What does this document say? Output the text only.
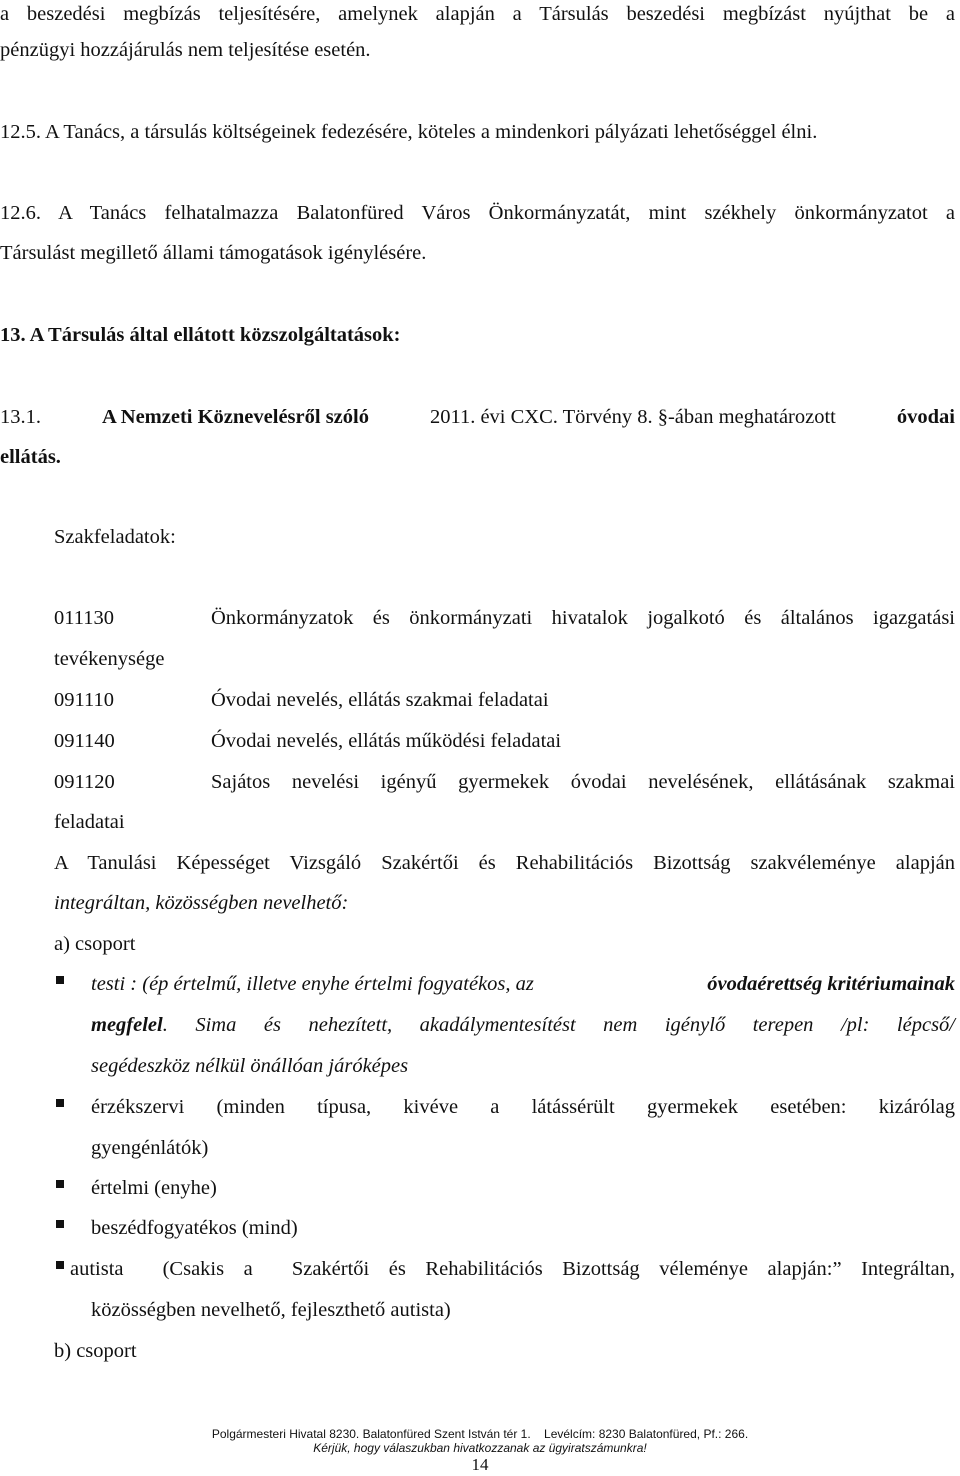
a beszedési megbízás teljesítésére, amelynek alapján a Társulás beszedési megbízást nyújthat be a
pénzügyi hozzájárulás nem teljesítése esetén.
12.5. A Tanács, a társulás költségeinek fedezésére, köteles a mindenkori pályázati lehetőséggel élni.
12.6. A Tanács felhatalmazza Balatonfüred Város Önkormányzatát, mint székhely önkormányzatot a
Társulást megillető állami támogatások igénylésére.
13. A Társulás által ellátott közszolgáltatások:
13.1.	A Nemzeti Köznevelésről szóló	2011. évi CXC. Törvény 8. §-ában meghatározott	óvodai
ellátás.
Szakfeladatok:
011130	Önkormányzatok és önkormányzati hivatalok jogalkotó és általános igazgatási
tevékenysége
091110	Óvodai nevelés, ellátás szakmai feladatai
091140	Óvodai nevelés, ellátás működési feladatai
091120	Sajátos nevelési igényű gyermekek óvodai nevelésének, ellátásának szakmai
feladatai
A Tanulási Képességet Vizsgáló Szakértői és Rehabilitációs Bizottság szakvéleménye alapján
integráltan, közösségben nevelhető:
a) csoport
testi : (ép értelmű, illetve enyhe értelmi fogyatékos, az	óvodaérettség kritériumainak
megfelel . Sima és nehezített, akadálymentesítést nem igénylő terepen /pl: lépcső/
segédeszköz nélkül önállóan járóképes
érzékszervi (minden típusa, kivéve a látássérült gyermekek esetében: kizárólag
gyengénlátók)
értelmi (enyhe)
beszédfogyatékos (mind)
autista  (Csakis a  Szakértői és Rehabilitációs Bizottság véleménye alapján:” Integráltan,
közösségben nevelhető, fejleszthető autista)
b) csoport
Polgármesteri Hivatal 8230. Balatonfüred Szent István tér 1.    Levélcím: 8230 Balatonfüred, Pf.: 266.
Kérjük, hogy válaszukban hivatkozzanak az ügyiratszámunkra!
14
